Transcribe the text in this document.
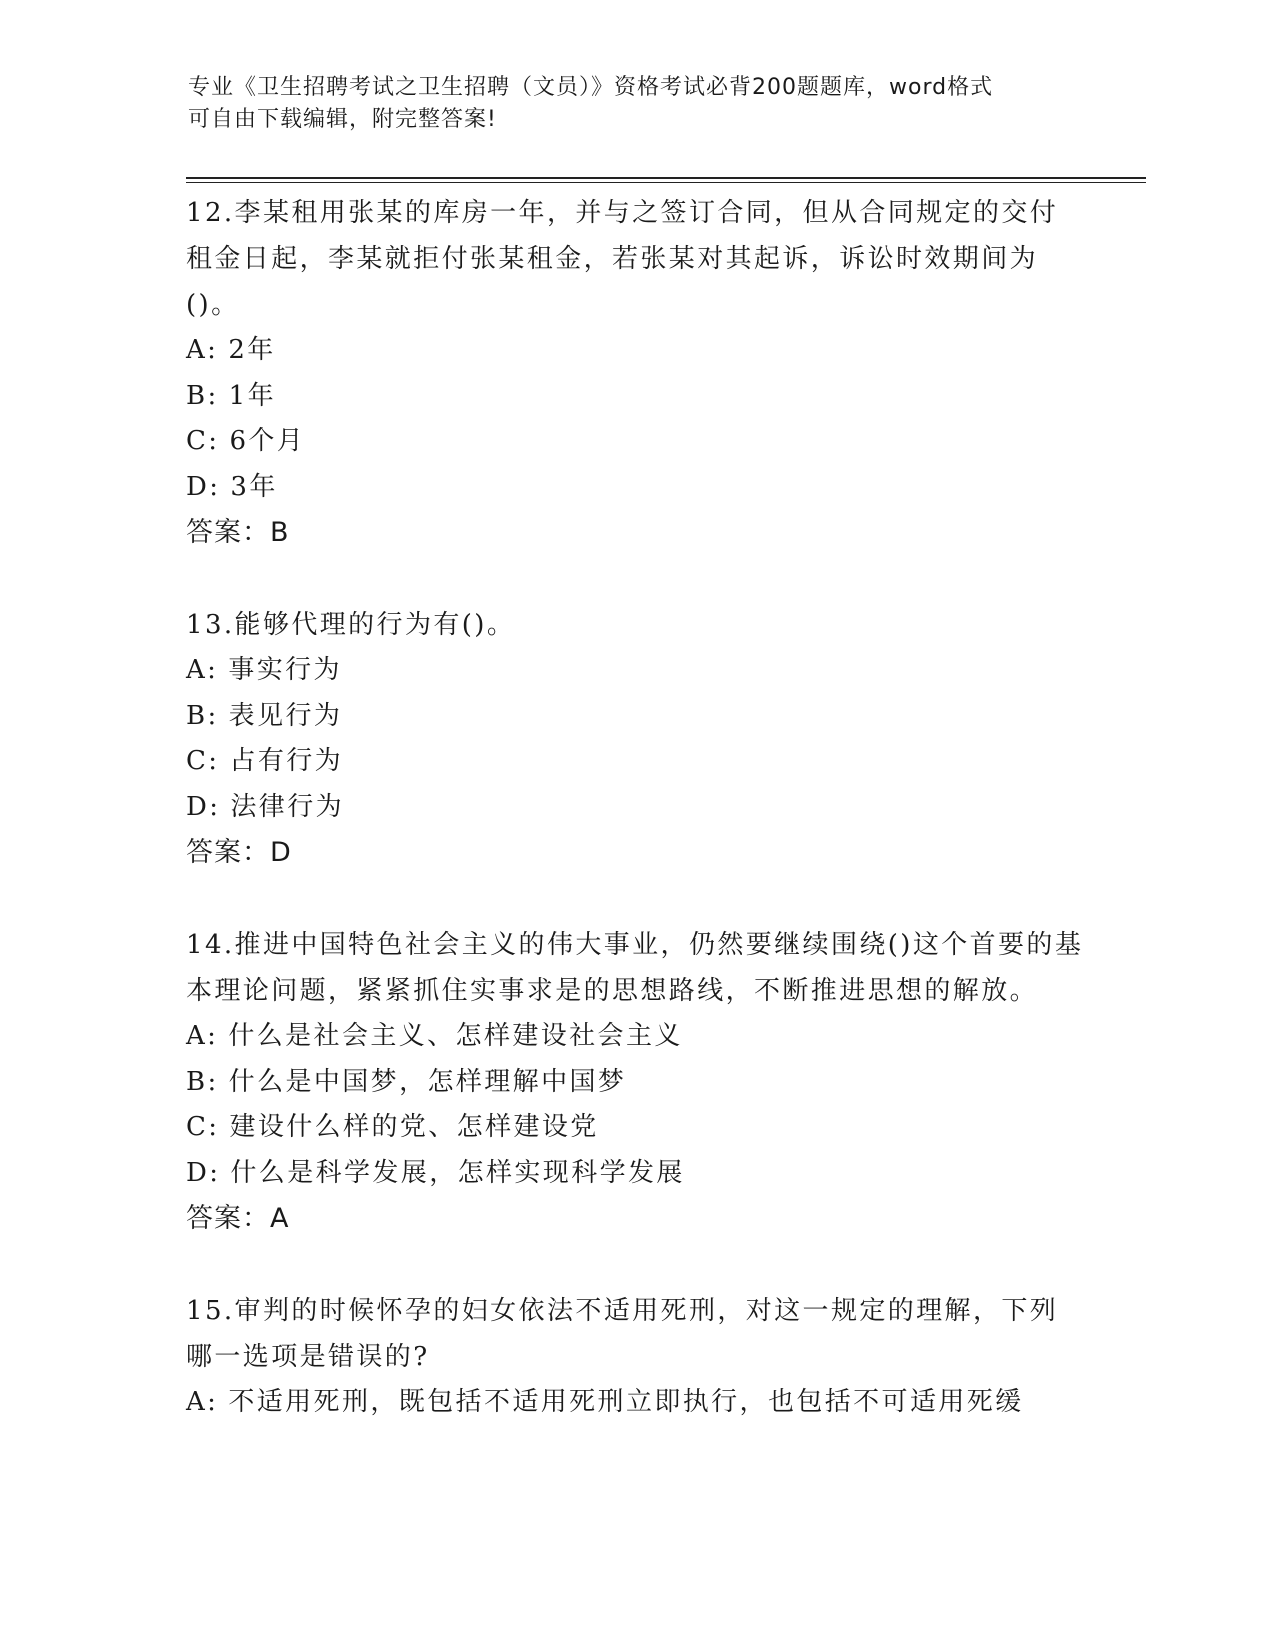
专业《卫生招聘考试之卫生招聘（文员）》资格考试必背200题题库，word格式
可自由下载编辑，附完整答案!
12.李某租用张某的库房一年，并与之签订合同，但从合同规定的交付租金日起，李某就拒付张某租金，若张某对其起诉，诉讼时效期间为()。
A: 2年
B: 1年
C: 6个月
D: 3年
答案：B
13.能够代理的行为有()。
A: 事实行为
B: 表见行为
C: 占有行为
D: 法律行为
答案：D
14.推进中国特色社会主义的伟大事业，仍然要继续围绕()这个首要的基本理论问题，紧紧抓住实事求是的思想路线，不断推进思想的解放。
A: 什么是社会主义、怎样建设社会主义
B: 什么是中国梦，怎样理解中国梦
C: 建设什么样的党、怎样建设党
D: 什么是科学发展，怎样实现科学发展
答案：A
15.审判的时候怀孕的妇女依法不适用死刑，对这一规定的理解，下列哪一选项是错误的?
A: 不适用死刑，既包括不适用死刑立即执行，也包括不可适用死缓
